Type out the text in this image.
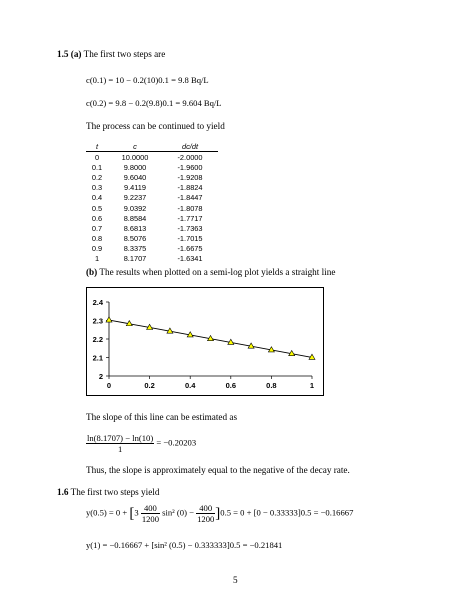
1.5 (a) The first two steps are
c(0.1) = 10 − 0.2(10)0.1 = 9.8 Bq/L
c(0.2) = 9.8 − 0.2(9.8)0.1 = 9.604 Bq/L
The process can be continued to yield
t	c	dc/dt
0	10.0000	-2.0000
0.1	9.8000	-1.9600
0.2	9.6040	-1.9208
0.3	9.4119	-1.8824
0.4	9.2237	-1.8447
0.5	9.0392	-1.8078
0.6	8.8584	-1.7717
0.7	8.6813	-1.7363
0.8	8.5076	-1.7015
0.9	8.3375	-1.6675
1	8.1707	-1.6341
(b) The results when plotted on a semi-log plot yields a straight line
2
2.1
2.2
2.3
2.4
0	0.2	0.4	0.6	0.8	1
The slope of this line can be estimated as
$\frac{\ln(8.1707) - \ln(10)}{1} = -0.20203$
Thus, the slope is approximately equal to the negative of the decay rate.
1.6 The first two steps yield
$y(0.5) = 0 + [3 \frac{400}{1200} \sin^2$ $(0) - \frac{400}{1200} ]0.5 = 0 + [0 - 0.33333]0.5 = -0.16667$
y(1) = −0.16667 + [sin² (0.5) − 0.333333]0.5 = −0.21841
5
